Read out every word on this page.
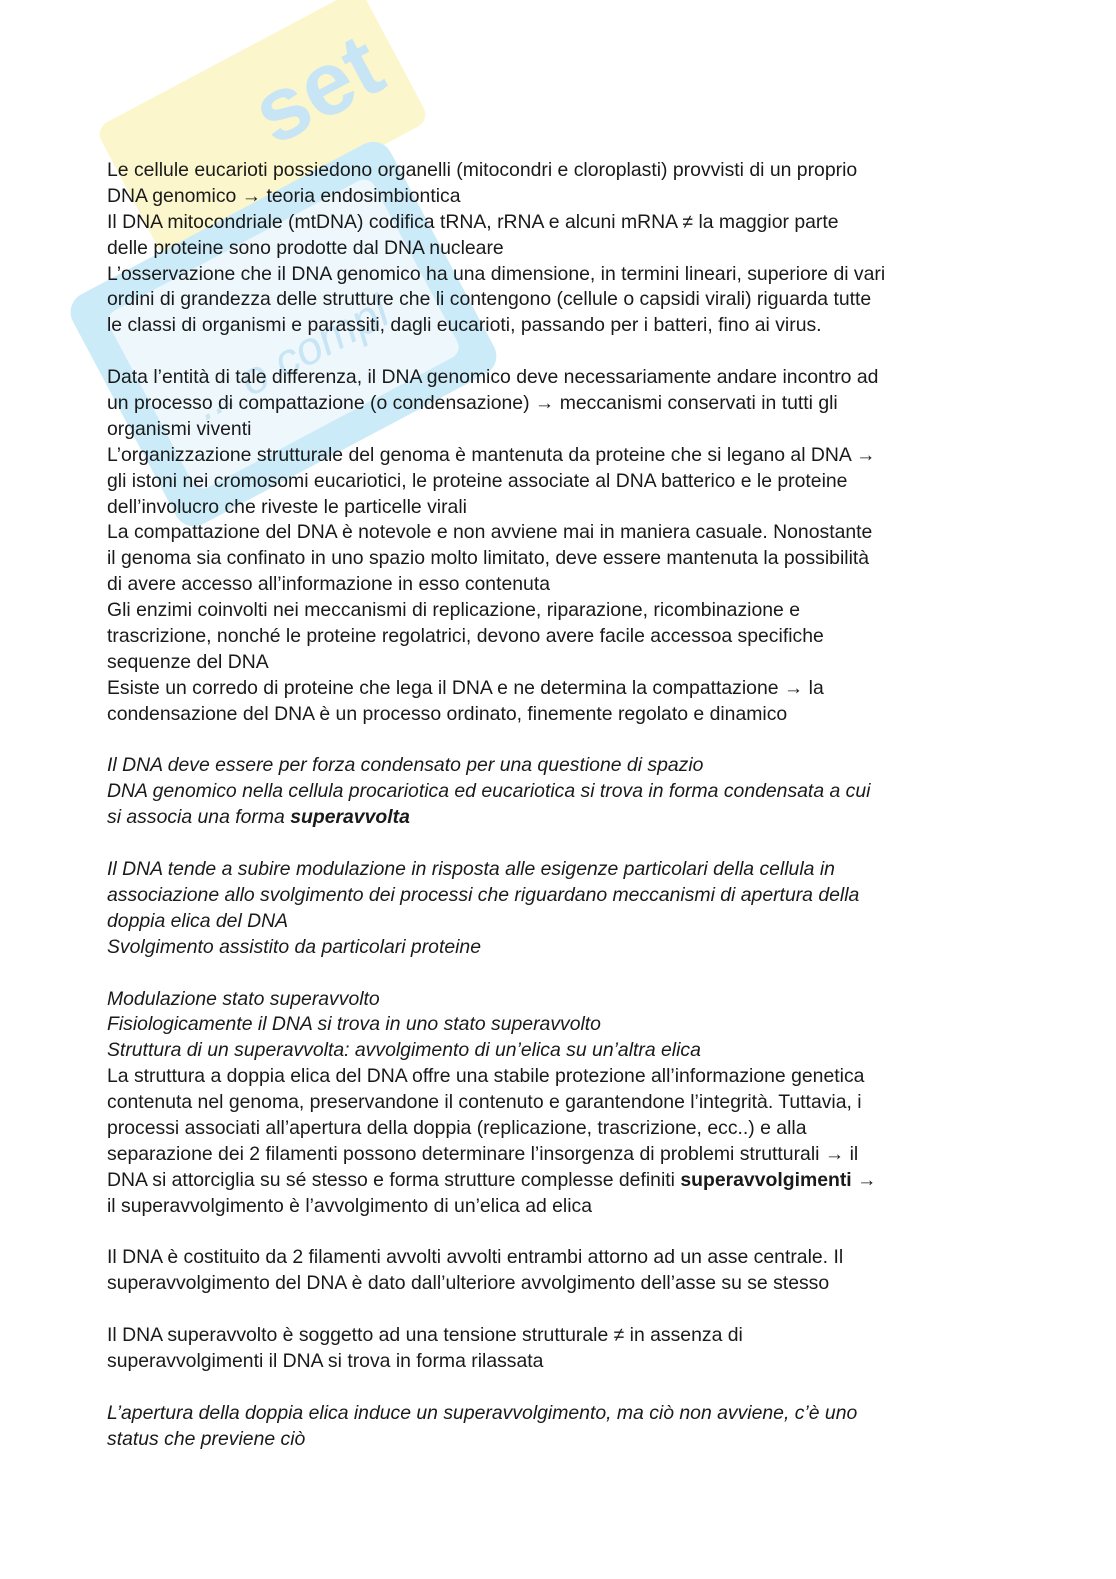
set
... o compl
Le cellule eucarioti possiedono organelli (mitocondri e cloroplasti) provvisti di un proprio
DNA genomico → teoria endosimbiontica
Il DNA mitocondriale (mtDNA) codifica tRNA, rRNA e alcuni mRNA ≠ la maggior parte
delle proteine sono prodotte dal DNA nucleare
L’osservazione che il DNA genomico ha una dimensione, in termini lineari, superiore di vari
ordini di grandezza delle strutture che li contengono (cellule o capsidi virali) riguarda tutte
le classi di organismi e parassiti, dagli eucarioti, passando per i batteri, fino ai virus.
Data l’entità di tale differenza, il DNA genomico deve necessariamente andare incontro ad
un processo di compattazione (o condensazione) → meccanismi conservati in tutti gli
organismi viventi
L’organizzazione strutturale del genoma è mantenuta da proteine che si legano al DNA →
gli istoni nei cromosomi eucariotici, le proteine associate al DNA batterico e le proteine
dell’involucro che riveste le particelle virali
La compattazione del DNA è notevole e non avviene mai in maniera casuale. Nonostante
il genoma sia confinato in uno spazio molto limitato, deve essere mantenuta la possibilità
di avere accesso all’informazione in esso contenuta
Gli enzimi coinvolti nei meccanismi di replicazione, riparazione, ricombinazione e
trascrizione, nonché le proteine regolatrici, devono avere facile accessoa specifiche
sequenze del DNA
Esiste un corredo di proteine che lega il DNA e ne determina la compattazione → la
condensazione del DNA è un processo ordinato, finemente regolato e dinamico
Il DNA deve essere per forza condensato per una questione di spazio
DNA genomico nella cellula procariotica ed eucariotica si trova in forma condensata a cui
si associa una forma superavvolta
Il DNA tende a subire modulazione in risposta alle esigenze particolari della cellula in
associazione allo svolgimento dei processi che riguardano meccanismi di apertura della
doppia elica del DNA
Svolgimento assistito da particolari proteine
Modulazione stato superavvolto
Fisiologicamente il DNA si trova in uno stato superavvolto
Struttura di un superavvolta: avvolgimento di un’elica su un’altra elica
La struttura a doppia elica del DNA offre una stabile protezione all’informazione genetica
contenuta nel genoma, preservandone il contenuto e garantendone l’integrità. Tuttavia, i
processi associati all’apertura della doppia (replicazione, trascrizione, ecc..) e alla
separazione dei 2 filamenti possono determinare l’insorgenza di problemi strutturali → il
DNA si attorciglia su sé stesso e forma strutture complesse definiti superavvolgimenti →
il superavvolgimento è l’avvolgimento di un’elica ad elica
Il DNA è costituito da 2 filamenti avvolti avvolti entrambi attorno ad un asse centrale. Il
superavvolgimento del DNA è dato dall’ulteriore avvolgimento dell’asse su se stesso
Il DNA superavvolto è soggetto ad una tensione strutturale ≠ in assenza di
superavvolgimenti il DNA si trova in forma rilassata
L’apertura della doppia elica induce un superavvolgimento, ma ciò non avviene, c’è uno
status che previene ciò
